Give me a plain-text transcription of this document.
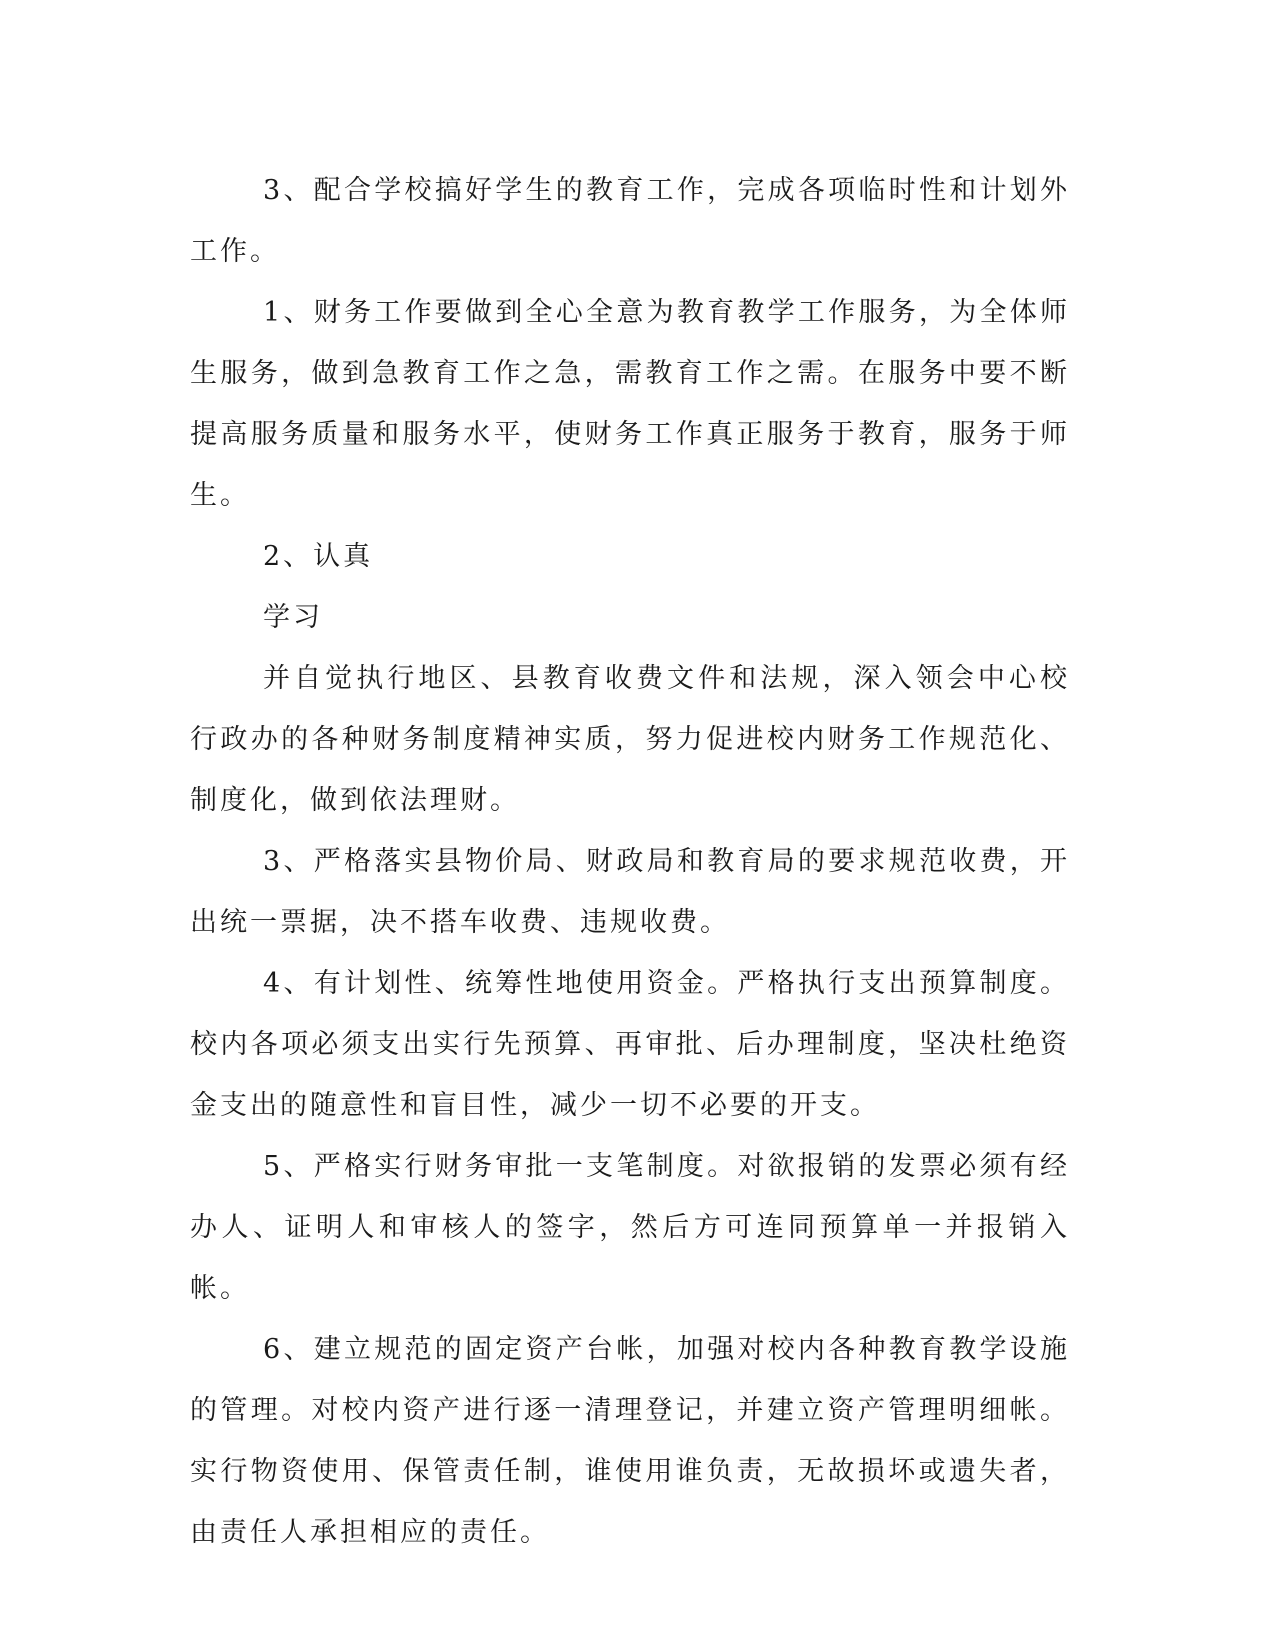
3、配合学校搞好学生的教育工作，完成各项临时性和计划外工作。

1、财务工作要做到全心全意为教育教学工作服务，为全体师生服务，做到急教育工作之急，需教育工作之需。在服务中要不断提高服务质量和服务水平，使财务工作真正服务于教育，服务于师生。

2、认真

学习

并自觉执行地区、县教育收费文件和法规，深入领会中心校行政办的各种财务制度精神实质，努力促进校内财务工作规范化、制度化，做到依法理财。

3、严格落实县物价局、财政局和教育局的要求规范收费，开出统一票据，决不搭车收费、违规收费。

4、有计划性、统筹性地使用资金。严格执行支出预算制度。校内各项必须支出实行先预算、再审批、后办理制度，坚决杜绝资金支出的随意性和盲目性，减少一切不必要的开支。

5、严格实行财务审批一支笔制度。对欲报销的发票必须有经办人、证明人和审核人的签字，然后方可连同预算单一并报销入帐。

6、建立规范的固定资产台帐，加强对校内各种教育教学设施的管理。对校内资产进行逐一清理登记，并建立资产管理明细帐。实行物资使用、保管责任制，谁使用谁负责，无故损坏或遗失者，由责任人承担相应的责任。
